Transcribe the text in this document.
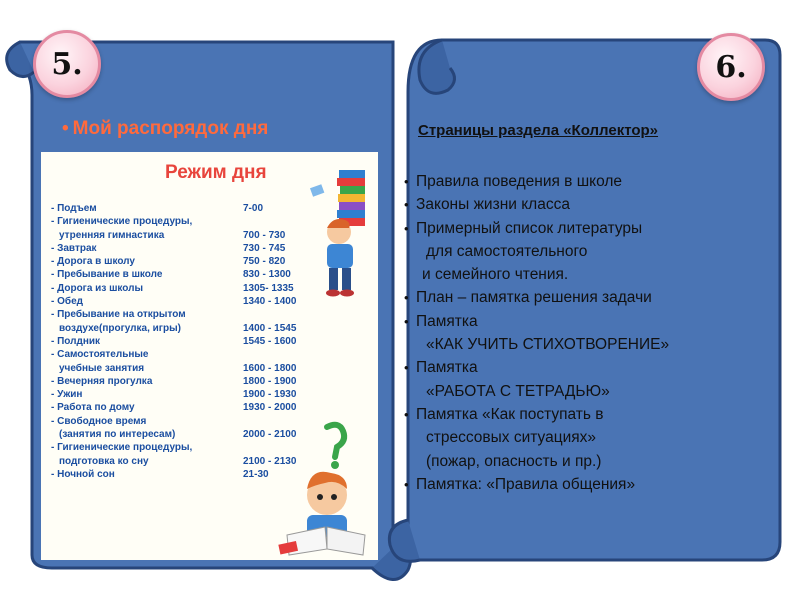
5.	6.
• Мой распорядок дня
Режим дня
- Подъем	7-00
- Гигиенические процедуры,
утренняя гимнастика	700 - 730
- Завтрак	730 - 745
- Дорога в школу	750 - 820
- Пребывание в школе	830 - 1300
- Дорога из школы	1305- 1335
- Обед	1340 - 1400
- Пребывание на открытом
воздухе(прогулка, игры)	1400 - 1545
- Полдник	1545 - 1600
- Самостоятельные
учебные занятия	1600 - 1800
- Вечерняя прогулка	1800 - 1900
- Ужин	1900 - 1930
- Работа по дому	1930 - 2000
- Свободное время
(занятия по интересам)	2000 - 2100
- Гигиенические процедуры,
подготовка ко сну	2100 - 2130
- Ночной сон	21-30
Страницы раздела «Коллектор»
• Правила поведения в школе
• Законы жизни класса
• Примерный список литературы
для самостоятельного
и семейного чтения.
• План – памятка решения задачи
• Памятка
«КАК УЧИТЬ СТИХОТВОРЕНИЕ»
• Памятка
«РАБОТА С ТЕТРАДЬЮ»
• Памятка «Как поступать в
стрессовых ситуациях»
(пожар, опасность и пр.)
• Памятка: «Правила общения»
